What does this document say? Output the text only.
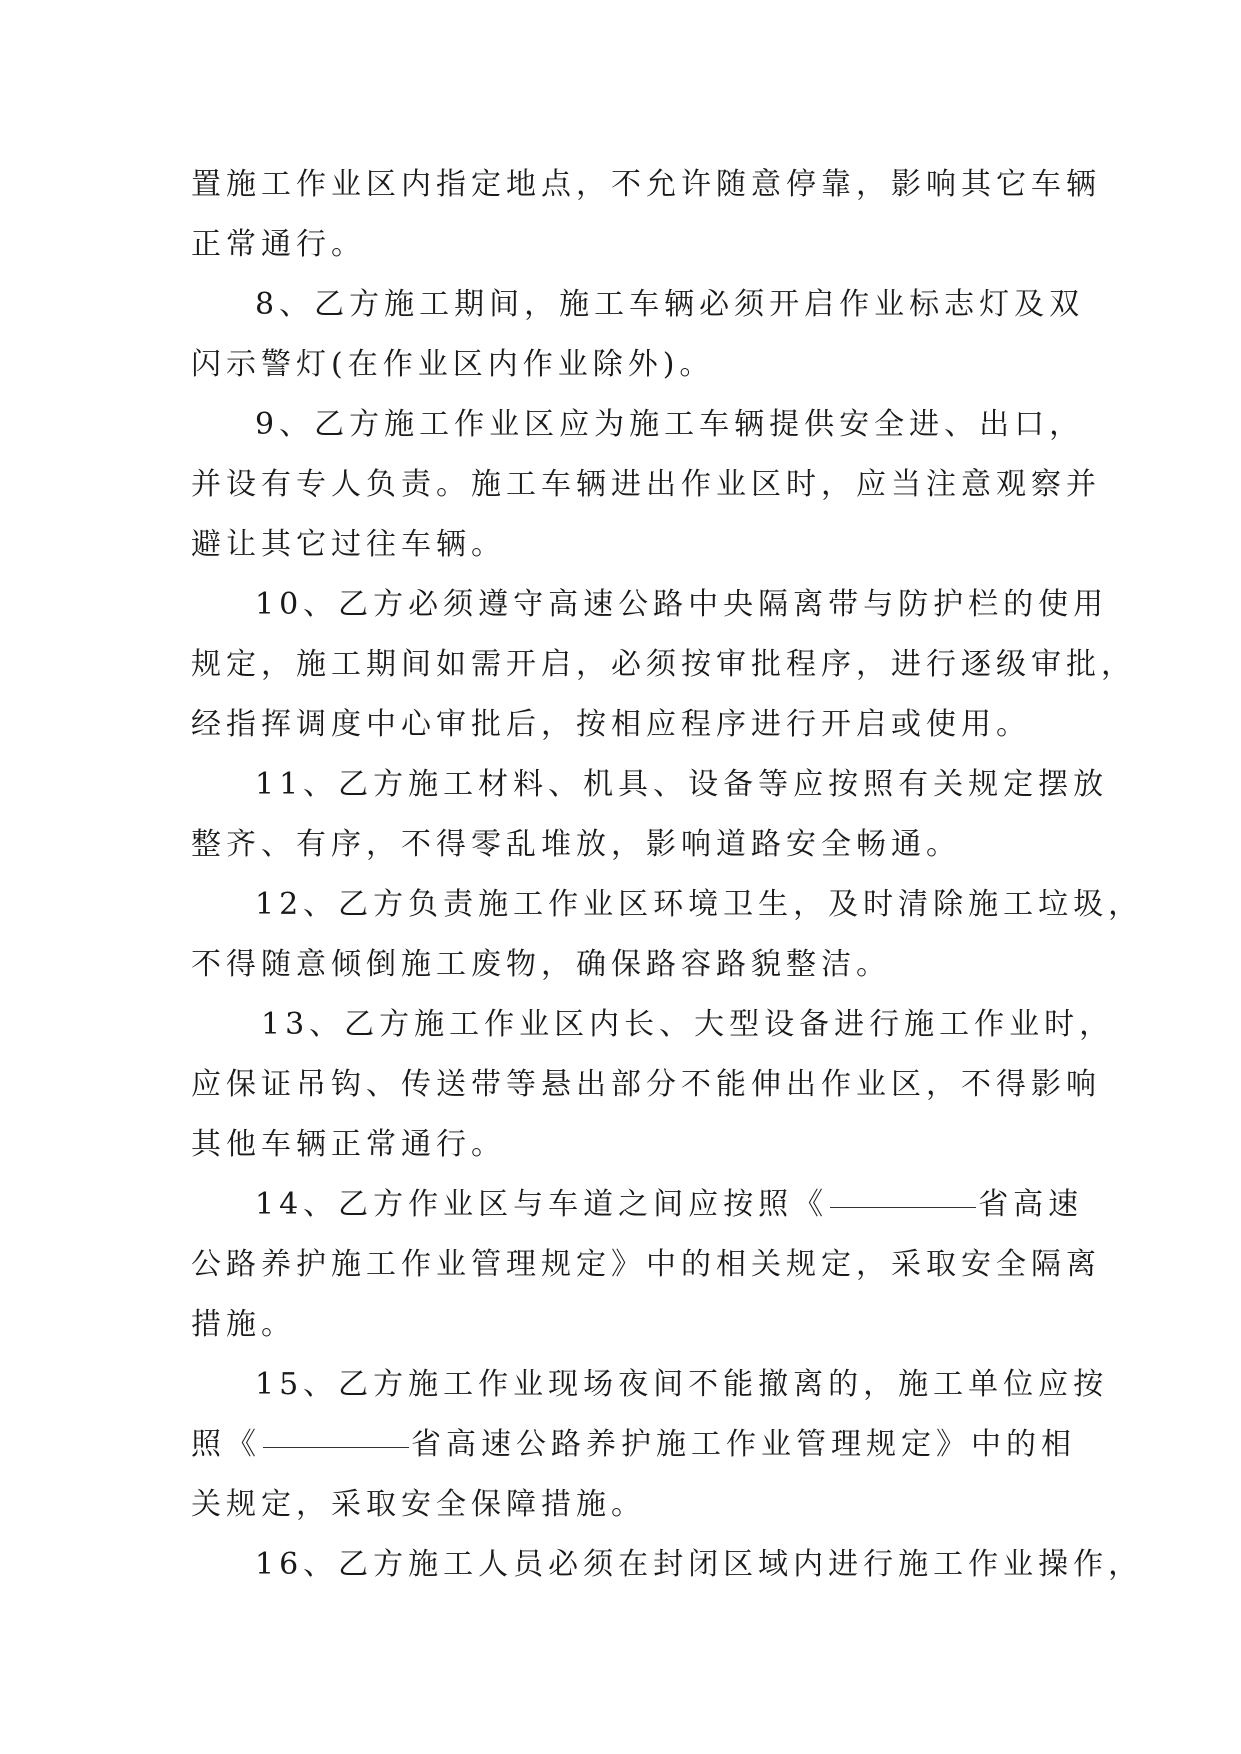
置施工作业区内指定地点，不允许随意停靠，影响其它车辆
正常通行。

8、乙方施工期间，施工车辆必须开启作业标志灯及双
闪示警灯(在作业区内作业除外)。

9、乙方施工作业区应为施工车辆提供安全进、出口，
并设有专人负责。施工车辆进出作业区时，应当注意观察并
避让其它过往车辆。

10、乙方必须遵守高速公路中央隔离带与防护栏的使用
规定，施工期间如需开启，必须按审批程序，进行逐级审批，
经指挥调度中心审批后，按相应程序进行开启或使用。

11、乙方施工材料、机具、设备等应按照有关规定摆放
整齐、有序，不得零乱堆放，影响道路安全畅通。

12、乙方负责施工作业区环境卫生，及时清除施工垃圾，
不得随意倾倒施工废物，确保路容路貌整洁。

13、乙方施工作业区内长、大型设备进行施工作业时，
应保证吊钩、传送带等悬出部分不能伸出作业区，不得影响
其他车辆正常通行。

14、乙方作业区与车道之间应按照《	省高速
公路养护施工作业管理规定》中的相关规定，采取安全隔离
措施。

15、乙方施工作业现场夜间不能撤离的，施工单位应按
照《	省高速公路养护施工作业管理规定》中的相
关规定，采取安全保障措施。

16、乙方施工人员必须在封闭区域内进行施工作业操作，
